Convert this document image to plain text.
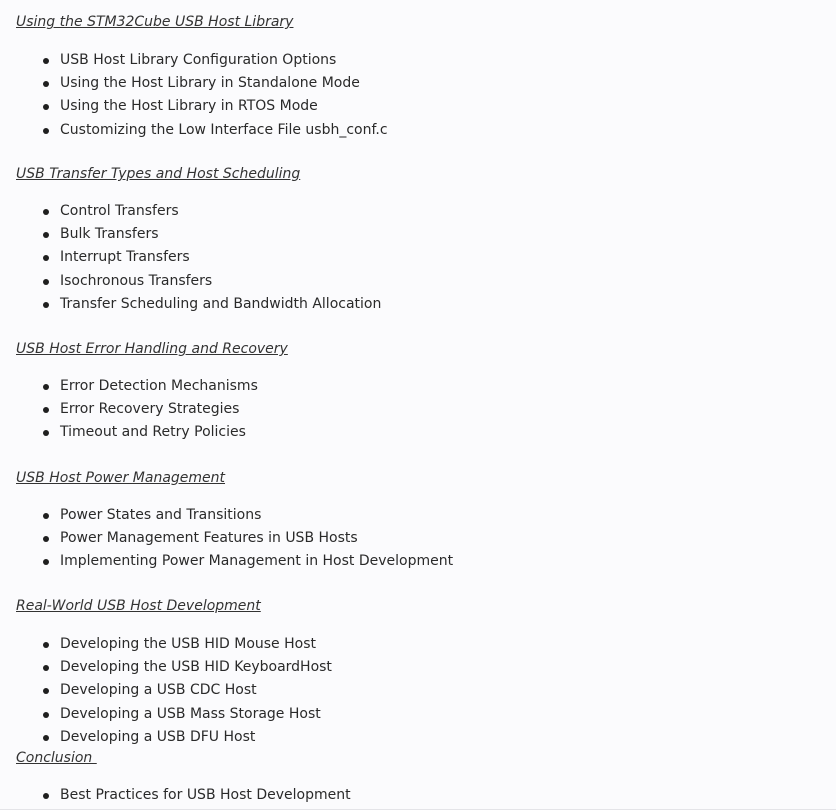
Using the STM32Cube USB Host Library
USB Host Library Configuration Options
Using the Host Library in Standalone Mode
Using the Host Library in RTOS Mode
Customizing the Low Interface File usbh_conf.c
USB Transfer Types and Host Scheduling
Control Transfers
Bulk Transfers
Interrupt Transfers
Isochronous Transfers
Transfer Scheduling and Bandwidth Allocation
USB Host Error Handling and Recovery
Error Detection Mechanisms
Error Recovery Strategies
Timeout and Retry Policies
USB Host Power Management
Power States and Transitions
Power Management Features in USB Hosts
Implementing Power Management in Host Development
Real-World USB Host Development
Developing the USB HID Mouse Host
Developing the USB HID KeyboardHost
Developing a USB CDC Host
Developing a USB Mass Storage Host
Developing a USB DFU Host
Conclusion
Best Practices for USB Host Development
